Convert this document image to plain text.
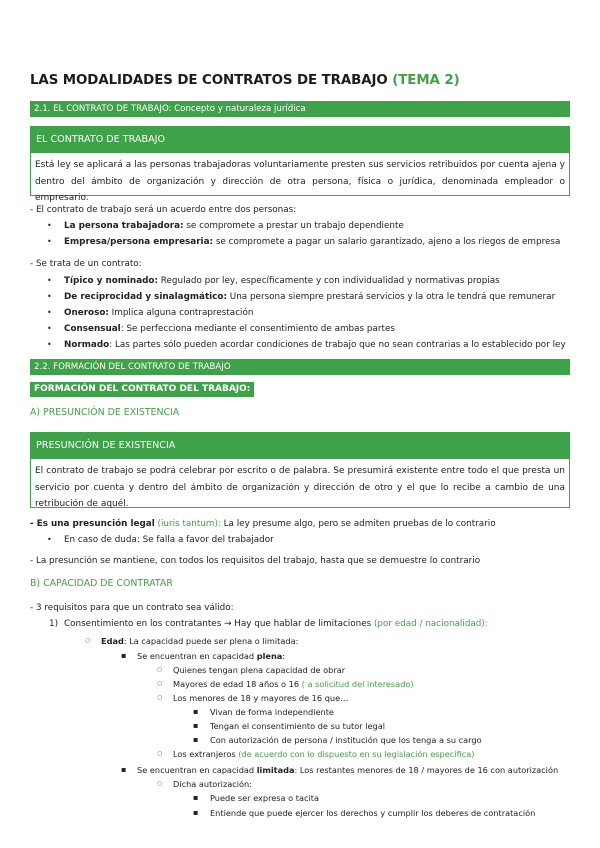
LAS MODALIDADES DE CONTRATOS DE TRABAJO (TEMA 2)
2.1. EL CONTRATO DE TRABAJO: Concepto y naturaleza jurídica
EL CONTRATO DE TRABAJO
Está ley se aplicará a las personas trabajadoras voluntariamente presten sus servicios retribuidos por cuenta ajena y dentro del ámbito de organización y dirección de otra persona, física o jurídica, denominada empleador o empresario.
- El contrato de trabajo será un acuerdo entre dos personas:
• La persona trabajadora: se compromete a prestar un trabajo dependiente
• Empresa/persona empresaria: se compromete a pagar un salario garantizado, ajeno a los riegos de empresa
- Se trata de un contrato:
• Típico y nominado: Regulado por ley, específicamente y con individualidad y normativas propias
• De reciprocidad y sinalagmático: Una persona siempre prestará servicios y la otra le tendrá que remunerar
• Oneroso: Implica alguna contraprestación
• Consensual: Se perfecciona mediante el consentimiento de ambas partes
• Normado: Las partes sólo pueden acordar condiciones de trabajo que no sean contrarias a lo establecido por ley
2.2. FORMACIÓN DEL CONTRATO DE TRABAJO
FORMACIÓN DEL CONTRATO DEL TRABAJO:
A) PRESUNCIÓN DE EXISTENCIA
PRESUNCIÓN DE EXISTENCIA
El contrato de trabajo se podrá celebrar por escrito o de palabra. Se presumirá existente entre todo el que presta un servicio por cuenta y dentro del ámbito de organización y dirección de otro y el que lo recibe a cambio de una retribución de aquél.
- Es una presunción legal (iuris tantum): La ley presume algo, pero se admiten pruebas de lo contrario
• En caso de duda: Se falla a favor del trabajador
- La presunción se mantiene, con todos los requisitos del trabajo, hasta que se demuestre lo contrario
B) CAPACIDAD DE CONTRATAR
- 3 requisitos para que un contrato sea válido:
1) Consentimiento en los contratantes → Hay que hablar de limitaciones (por edad / nacionalidad):
○ Edad: La capacidad puede ser plena o limitada:
▪ Se encuentran en capacidad plena:
○ Quienes tengan plena capacidad de obrar
○ Mayores de edad 18 años o 16 ( a solicitud del interesado)
○ Los menores de 18 y mayores de 16 que…
▪ Vivan de forma independiente
▪ Tengan el consentimiento de su tutor legal
▪ Con autorización de persona / institución que los tenga a su cargo
○ Los extranjeros (de acuerdo con lo dispuesto en su legislación específica)
▪ Se encuentran en capacidad limitada: Los restantes menores de 18 / mayores de 16 con autorización
○ Dicha autorización:
▪ Puede ser expresa o tacita
▪ Entiende que puede ejercer los derechos y cumplir los deberes de contratación
